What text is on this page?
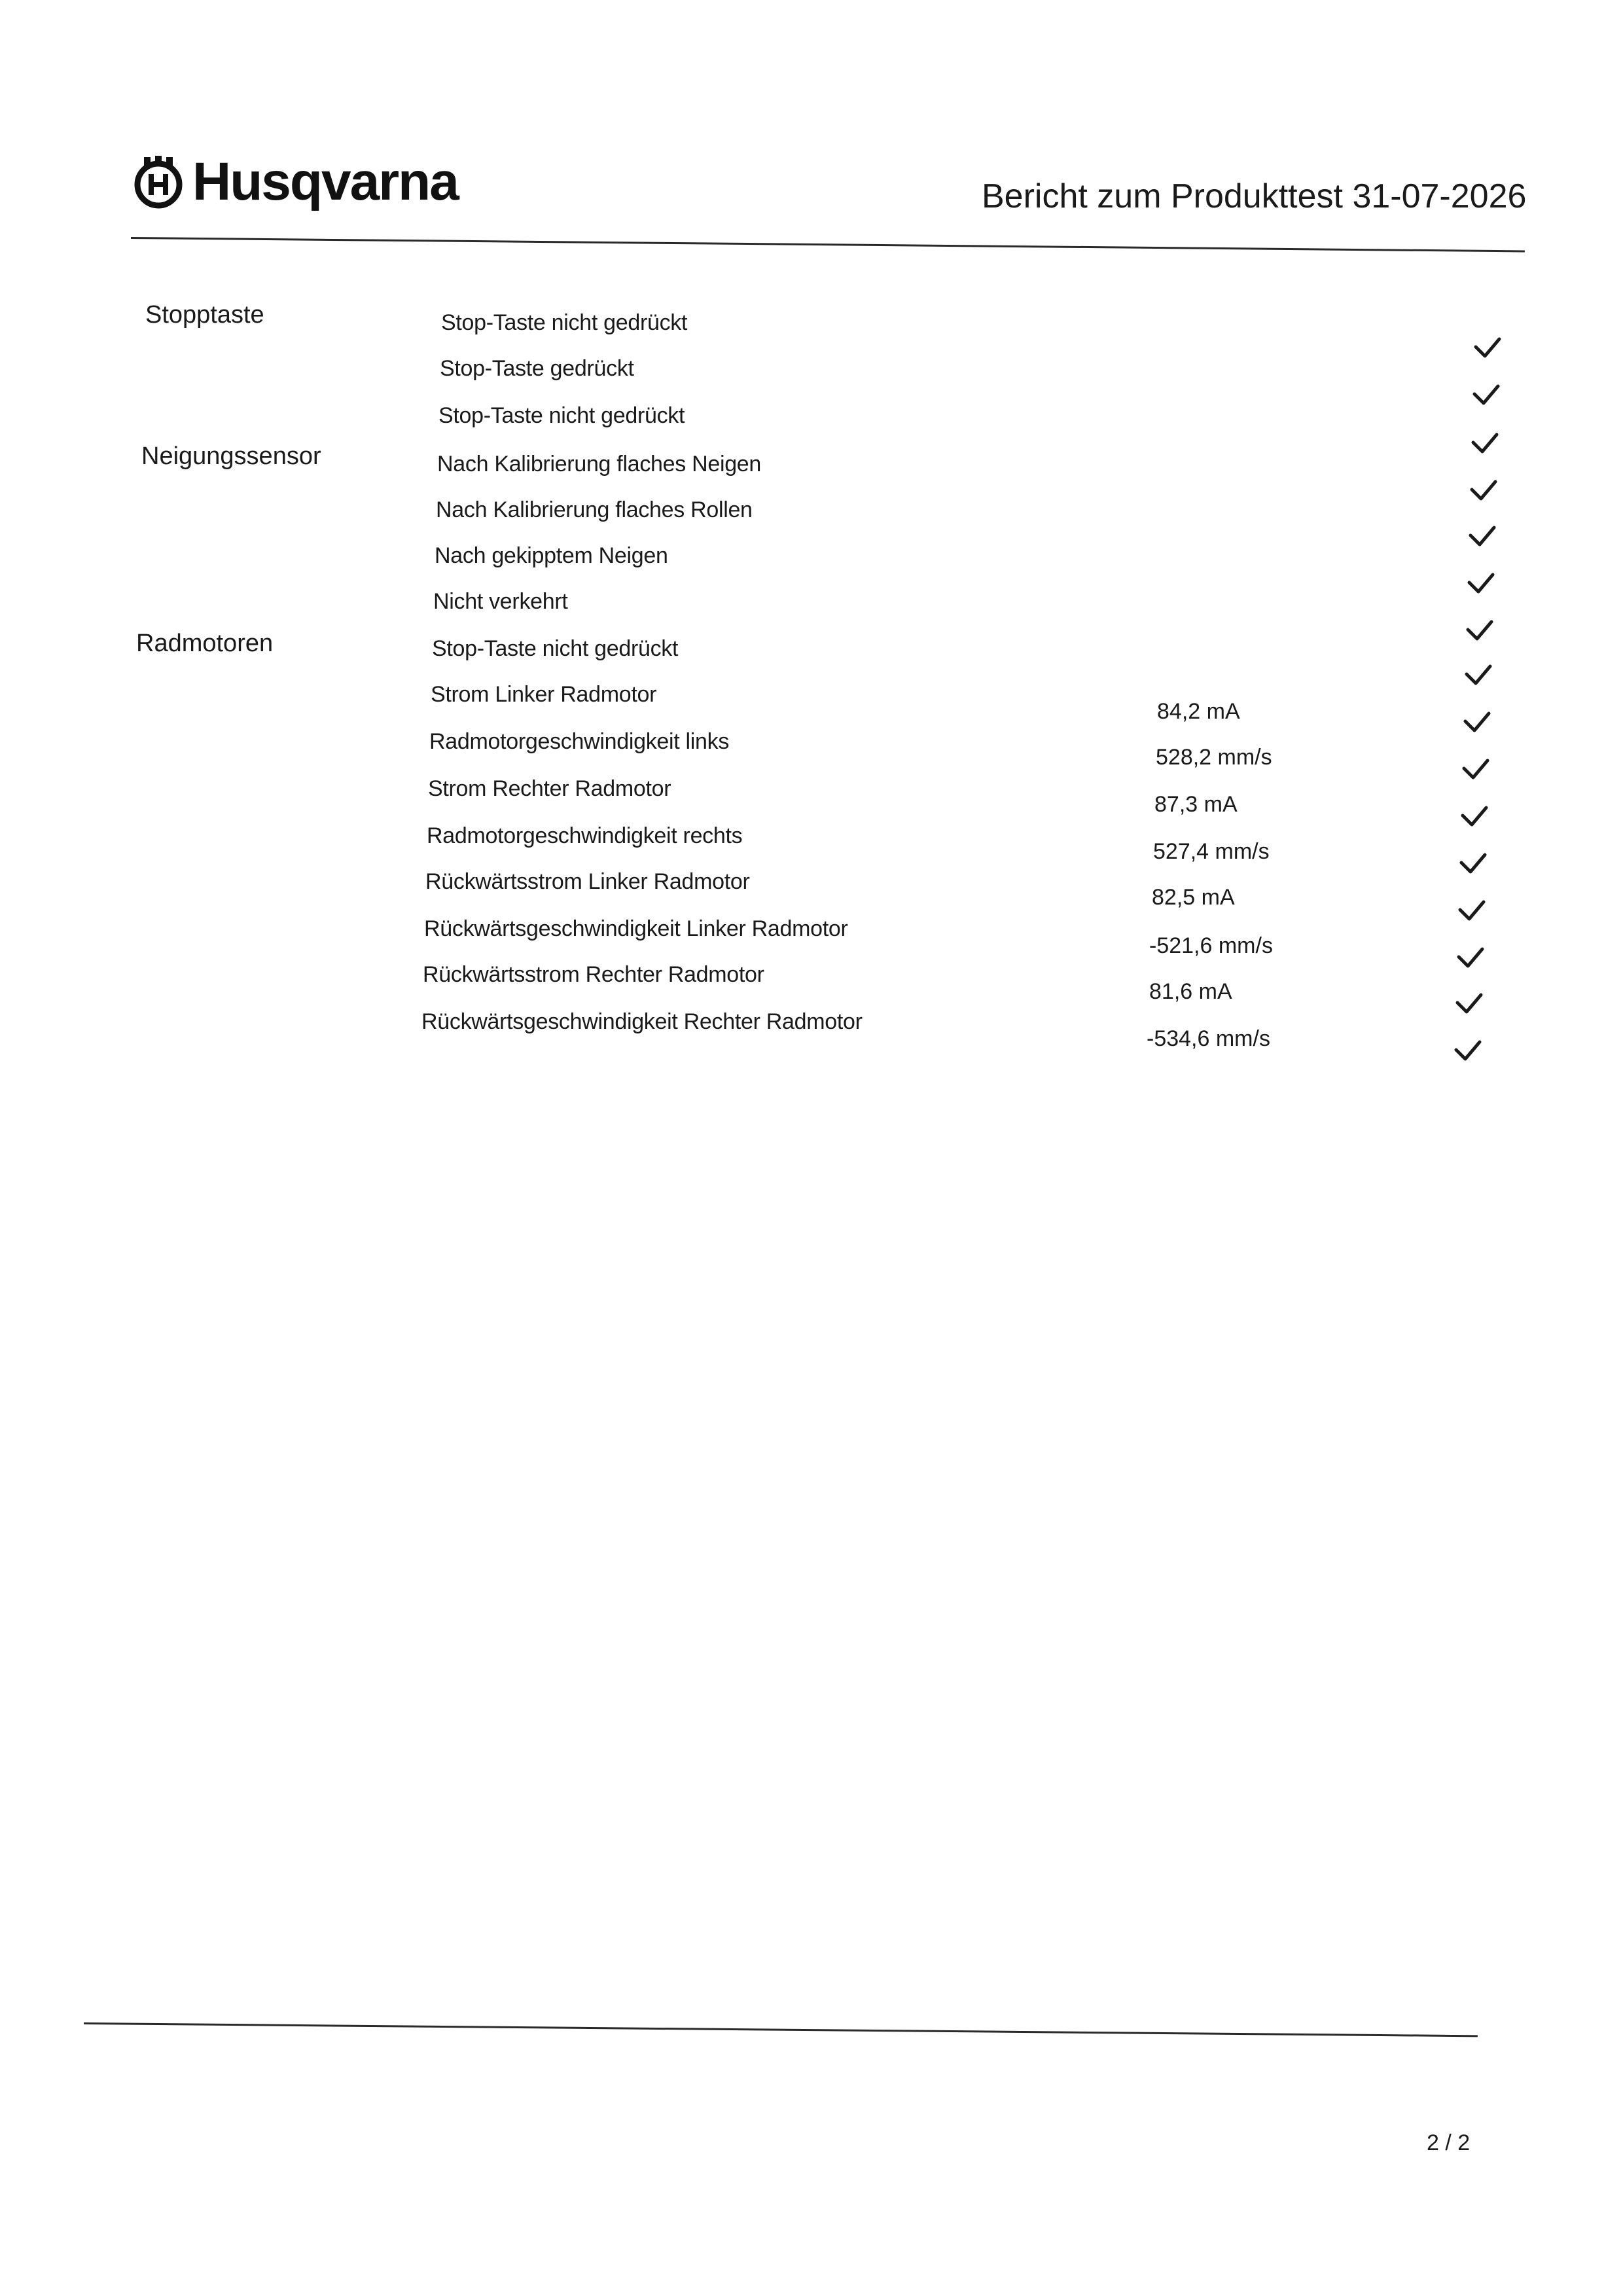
Husqvarna	Bericht zum Produkttest 31-07-2026
Stopptaste
Neigungssensor
Radmotoren
Stop-Taste nicht gedrückt
Stop-Taste gedrückt
Stop-Taste nicht gedrückt
Nach Kalibrierung flaches Neigen
Nach Kalibrierung flaches Rollen
Nach gekipptem Neigen
Nicht verkehrt
Stop-Taste nicht gedrückt
Strom Linker Radmotor
84,2 mA
Radmotorgeschwindigkeit links
528,2 mm/s
Strom Rechter Radmotor
87,3 mA
Radmotorgeschwindigkeit rechts
527,4 mm/s
Rückwärtsstrom Linker Radmotor
82,5 mA
Rückwärtsgeschwindigkeit Linker Radmotor
-521,6 mm/s
Rückwärtsstrom Rechter Radmotor
81,6 mA
Rückwärtsgeschwindigkeit Rechter Radmotor
-534,6 mm/s
2 / 2
